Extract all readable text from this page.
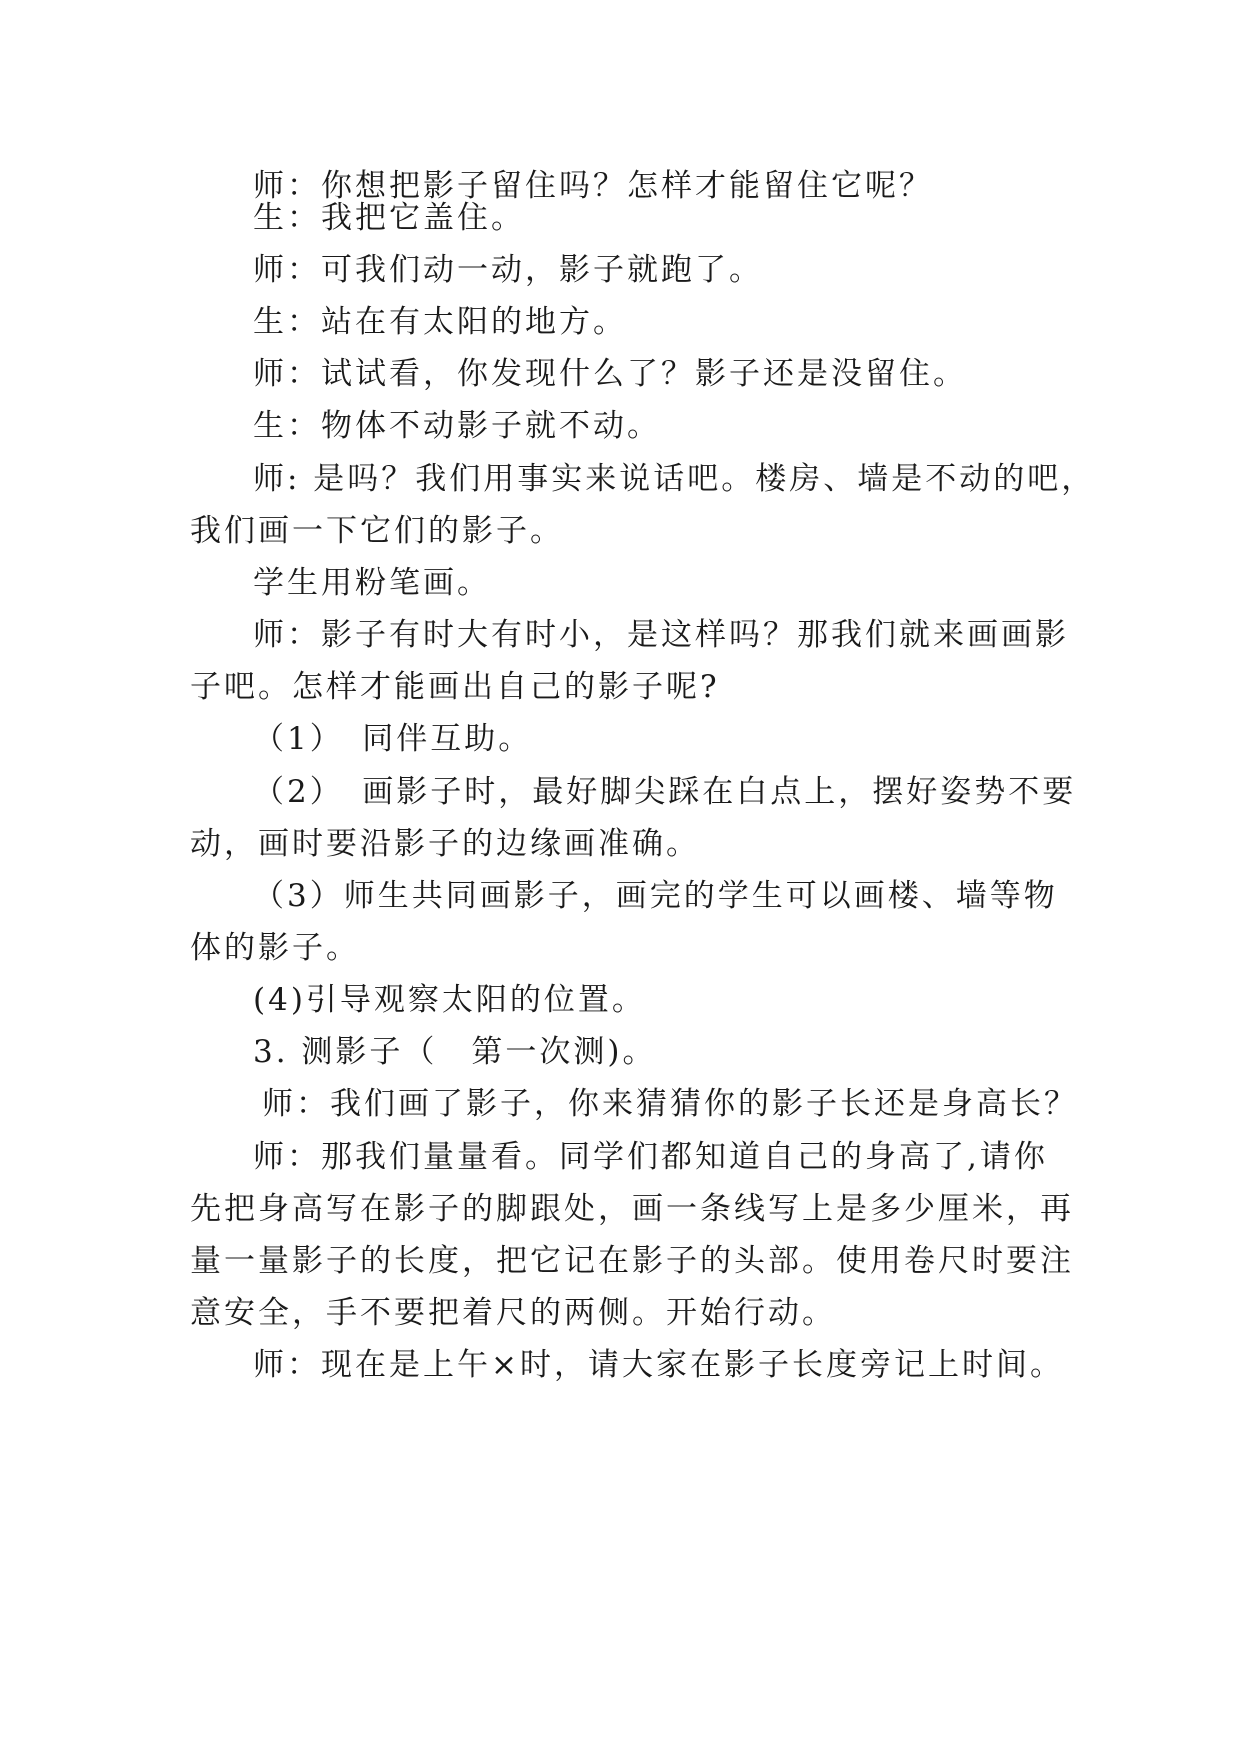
师：你想把影子留住吗？怎样才能留住它呢？
生：我把它盖住。
师：可我们动一动，影子就跑了。
生：站在有太阳的地方。
师：试试看，你发现什么了？影子还是没留住。
生：物体不动影子就不动。
师: 是吗？我们用事实来说话吧。楼房、墙是不动的吧，
我们画一下它们的影子。
学生用粉笔画。
师：影子有时大有时小，是这样吗？那我们就来画画影
子吧。怎样才能画出自己的影子呢?
（1）　同伴互助。
（2）　画影子时，最好脚尖踩在白点上，摆好姿势不要
动，画时要沿影子的边缘画准确。
（3）师生共同画影子，画完的学生可以画楼、墙等物
体的影子。
(4)引导观察太阳的位置。
3. 测影子（　第一次测)。
师：我们画了影子，你来猜猜你的影子长还是身高长？
师：那我们量量看。同学们都知道自己的身高了,请你
先把身高写在影子的脚跟处，画一条线写上是多少厘米，再
量一量影子的长度，把它记在影子的头部。使用卷尺时要注
意安全，手不要把着尺的两侧。开始行动。
师：现在是上午×时，请大家在影子长度旁记上时间。
